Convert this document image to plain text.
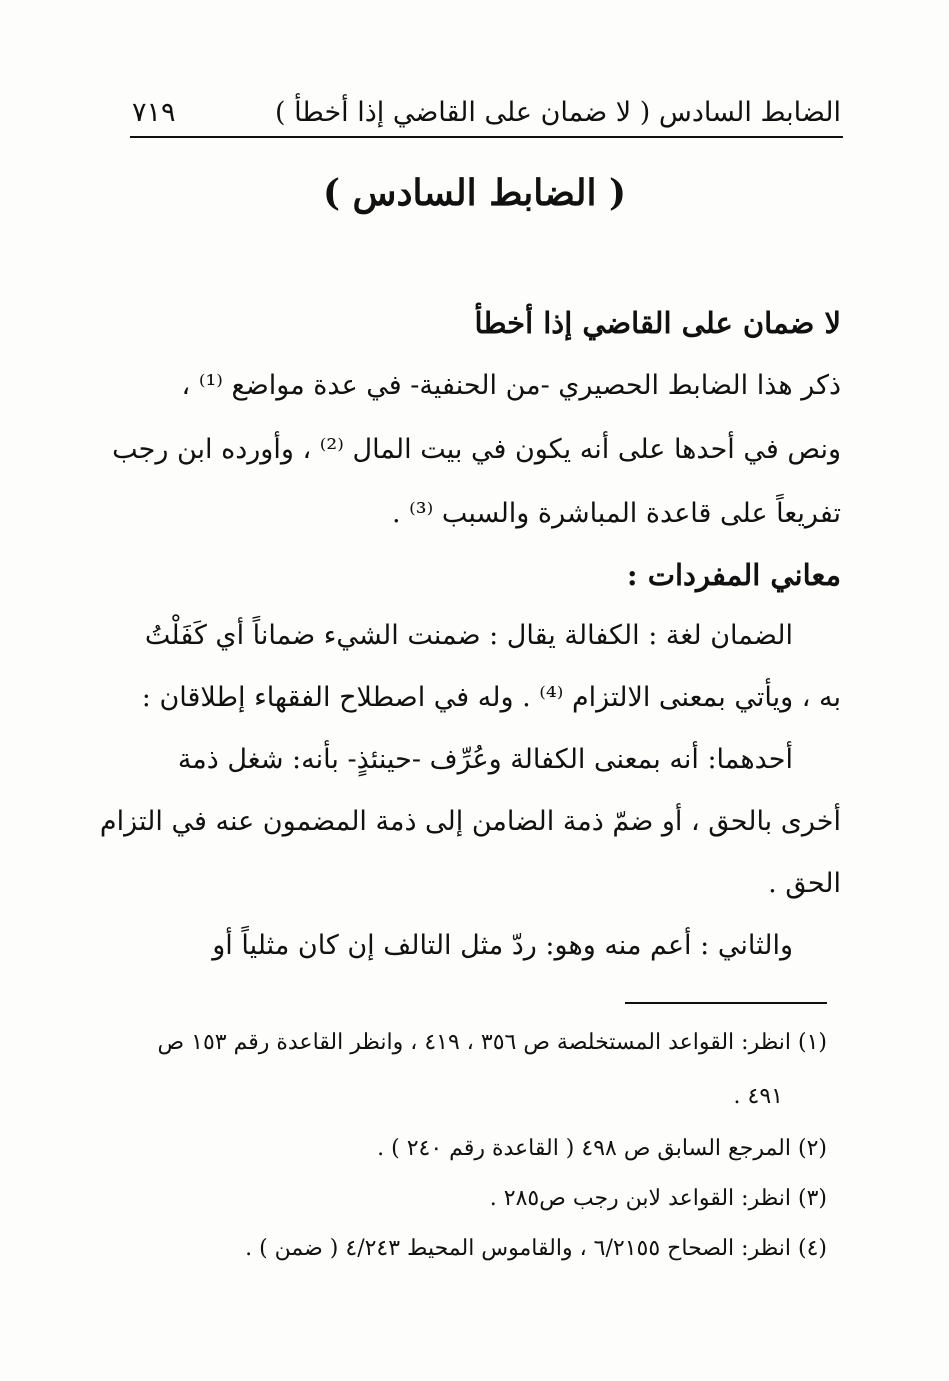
الضابط السادس ( لا ضمان على القاضي إذا أخطأ )
٧١٩
( الضابط السادس )
لا ضمان على القاضي إذا أخطأ
ذكر هذا الضابط الحصيري -من الحنفية- في عدة مواضع ⁽¹⁾ ،
ونص في أحدها على أنه يكون في بيت المال ⁽²⁾ ، وأورده ابن رجب
تفريعاً على قاعدة المباشرة والسبب ⁽³⁾ .
معاني المفردات :
الضمان لغة : الكفالة يقال : ضمنت الشيء ضماناً أي كَفَلْتُ
به ، ويأتي بمعنى الالتزام ⁽⁴⁾ . وله في اصطلاح الفقهاء إطلاقان :
أحدهما: أنه بمعنى الكفالة وعُرِّف -حينئذٍ- بأنه: شغل ذمة
أخرى بالحق ، أو ضمّ ذمة الضامن إلى ذمة المضمون عنه في التزام
الحق .
والثاني : أعم منه وهو: ردّ مثل التالف إن كان مثلياً أو
(١) انظر: القواعد المستخلصة ص ٣٥٦ ، ٤١٩ ، وانظر القاعدة رقم ١٥٣ ص
٤٩١ .
(٢) المرجع السابق ص ٤٩٨ ( القاعدة رقم ٢٤٠ ) .
(٣) انظر: القواعد لابن رجب ص٢٨٥ .
(٤) انظر: الصحاح ٦/٢١٥٥ ، والقاموس المحيط ٤/٢٤٣ ( ضمن ) .
